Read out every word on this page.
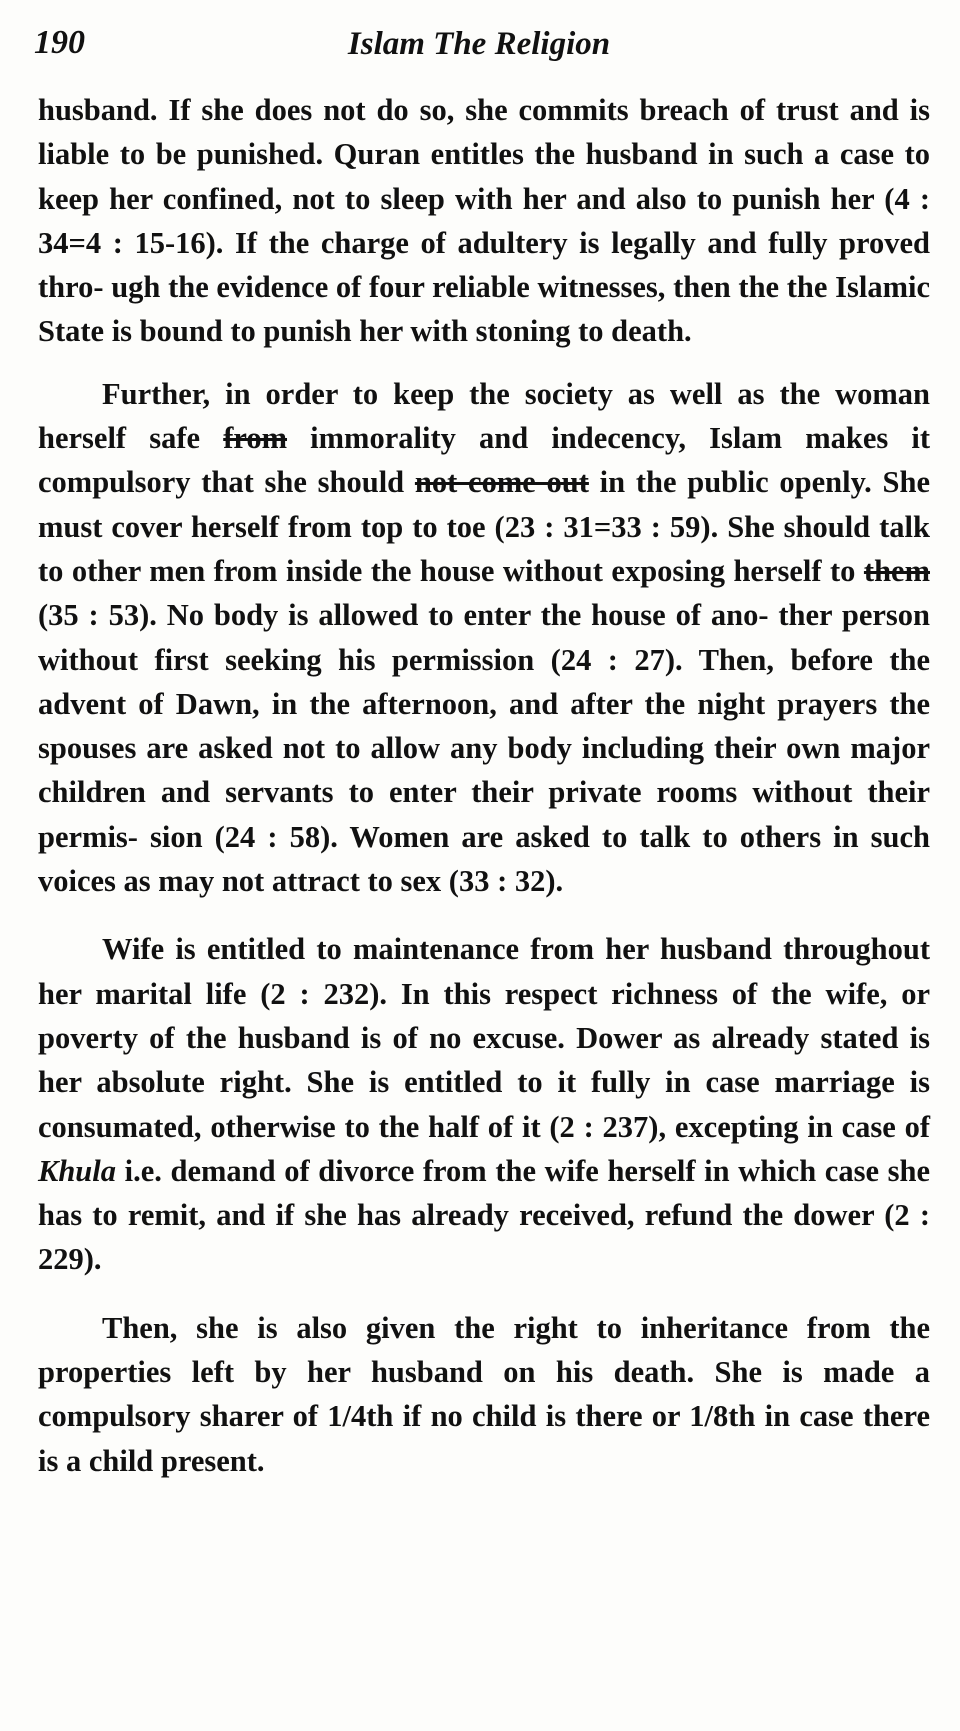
190	Islam The Religion

husband. If she does not do so, she commits breach of trust and is liable to be punished. Quran entitles the husband in such a case to keep her confined, not to sleep with her and also to punish her (4 : 34=4 : 15-16). If the charge of adultery is legally and fully proved thro- ugh the evidence of four reliable witnesses, then the the Islamic State is bound to punish her with stoning to death.

Further, in order to keep the society as well as the woman herself safe from immorality and indecency, Islam makes it compulsory that she should not come out in the public openly. She must cover herself from top to toe (23 : 31=33 : 59). She should talk to other men from inside the house without exposing herself to them (35 : 53). No body is allowed to enter the house of ano- ther person without first seeking his permission (24 : 27). Then, before the advent of Dawn, in the afternoon, and after the night prayers the spouses are asked not to allow any body including their own major children and servants to enter their private rooms without their permis- sion (24 : 58). Women are asked to talk to others in such voices as may not attract to sex (33 : 32).

Wife is entitled to maintenance from her husband throughout her marital life (2 : 232). In this respect richness of the wife, or poverty of the husband is of no excuse. Dower as already stated is her absolute right. She is entitled to it fully in case marriage is consumated, otherwise to the half of it (2 : 237), excepting in case of Khula i.e. demand of divorce from the wife herself in which case she has to remit, and if she has already received, refund the dower (2 : 229).

Then, she is also given the right to inheritance from the properties left by her husband on his death. She is made a compulsory sharer of 1/4th if no child is there or 1/8th in case there is a child present.
